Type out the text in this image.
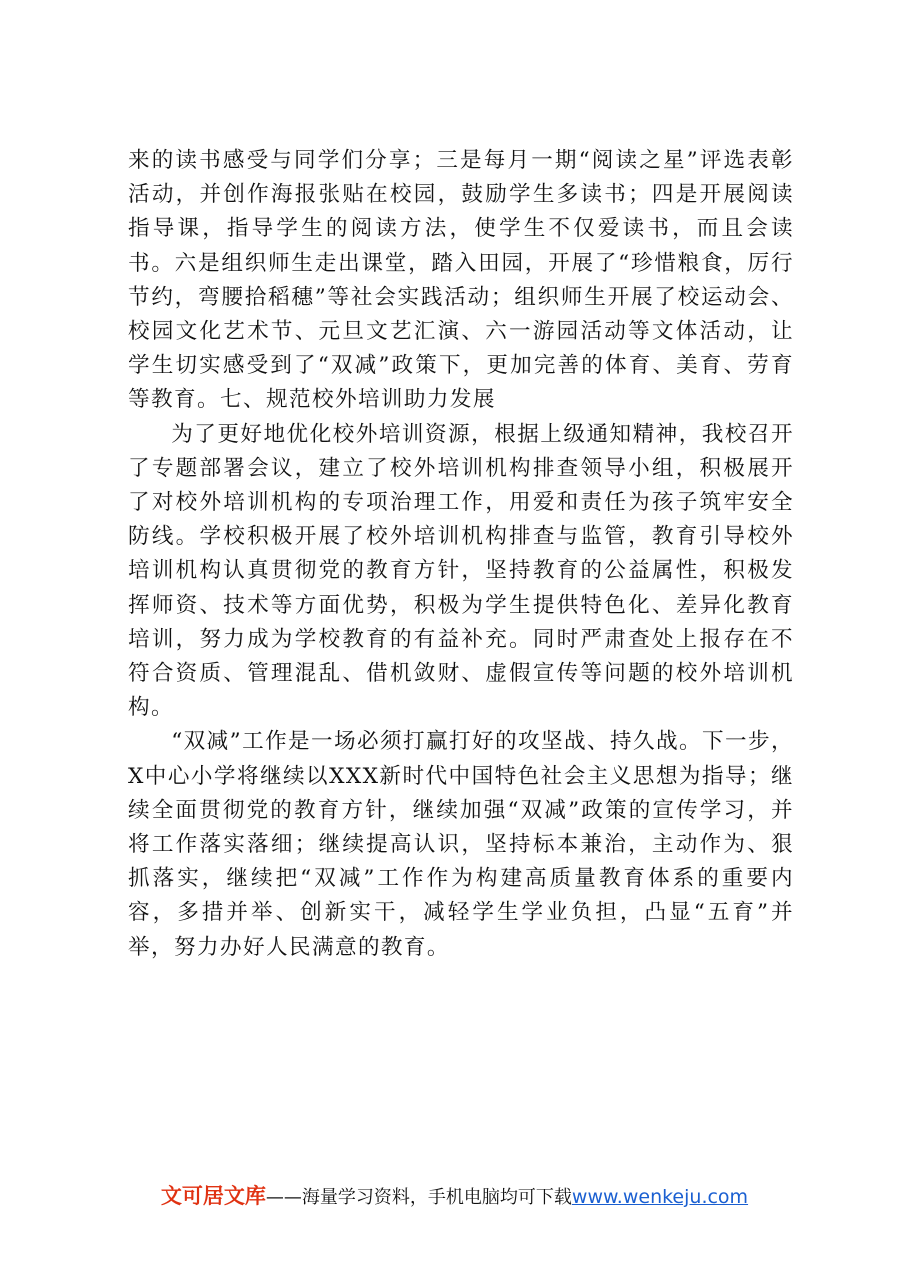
来的读书感受与同学们分享；三是每月一期“阅读之星”评选表彰活动，并创作海报张贴在校园，鼓励学生多读书；四是开展阅读指导课，指导学生的阅读方法，使学生不仅爱读书，而且会读书。六是组织师生走出课堂，踏入田园，开展了“珍惜粮食，厉行节约，弯腰拾稻穗”等社会实践活动；组织师生开展了校运动会、校园文化艺术节、元旦文艺汇演、六一游园活动等文体活动，让学生切实感受到了“双减”政策下，更加完善的体育、美育、劳育等教育。七、规范校外培训助力发展

为了更好地优化校外培训资源，根据上级通知精神，我校召开了专题部署会议，建立了校外培训机构排查领导小组，积极展开了对校外培训机构的专项治理工作，用爱和责任为孩子筑牢安全防线。学校积极开展了校外培训机构排查与监管，教育引导校外培训机构认真贯彻党的教育方针，坚持教育的公益属性，积极发挥师资、技术等方面优势，积极为学生提供特色化、差异化教育培训，努力成为学校教育的有益补充。同时严肃查处上报存在不符合资质、管理混乱、借机敛财、虚假宣传等问题的校外培训机构。

“双减”工作是一场必须打赢打好的攻坚战、持久战。下一步，X中心小学将继续以XXX新时代中国特色社会主义思想为指导；继续全面贯彻党的教育方针，继续加强“双减”政策的宣传学习，并将工作落实落细；继续提高认识，坚持标本兼治，主动作为、狠抓落实，继续把“双减”工作作为构建高质量教育体系的重要内容，多措并举、创新实干，减轻学生学业负担，凸显“五育”并举，努力办好人民满意的教育。

文可居文库——海量学习资料，手机电脑均可下载www.wenkeju.com
